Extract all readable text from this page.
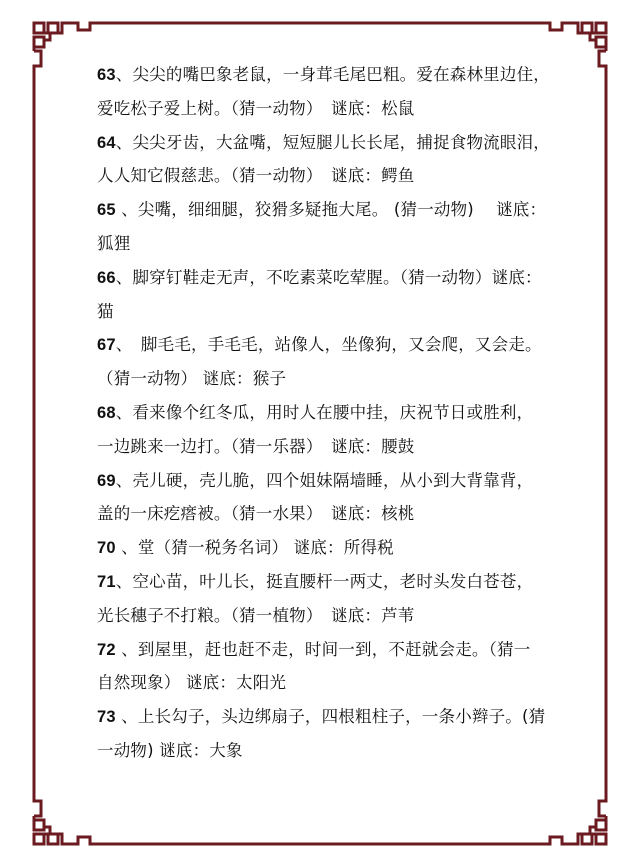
63、尖尖的嘴巴象老鼠，一身茸毛尾巴粗。爱在森林里边住，
爱吃松子爱上树。（猜一动物）　谜底：松鼠
64、尖尖牙齿，大盆嘴，短短腿儿长长尾，捕捉食物流眼泪，
人人知它假慈悲。（猜一动物）　谜底：鳄鱼
65 、尖嘴，细细腿，狡猾多疑拖大尾。 (猜一动物)　 谜底：
狐狸
66、脚穿钉鞋走无声，不吃素菜吃荤腥。（猜一动物）谜底：
猫
67、　脚毛毛，手毛毛，站像人，坐像狗，又会爬，又会走。
（猜一动物） 谜底：猴子
68、看来像个红冬瓜，用时人在腰中挂，庆祝节日或胜利，
一边跳来一边打。（猜一乐器）　谜底：腰鼓
69、壳儿硬，壳儿脆，四个姐妹隔墙睡，从小到大背靠背，
盖的一床疙瘩被。（猜一水果）　谜底：核桃
70 、堂（猜一税务名词） 谜底：所得税
71、空心苗，叶儿长，挺直腰杆一两丈，老时头发白苍苍，
光长穗子不打粮。（猜一植物）　谜底：芦苇
72 、到屋里，赶也赶不走，时间一到，不赶就会走。（猜一
自然现象） 谜底：太阳光
73 、上长勾子，头边绑扇子，四根粗柱子，一条小辫子。(猜
一动物) 谜底：大象
